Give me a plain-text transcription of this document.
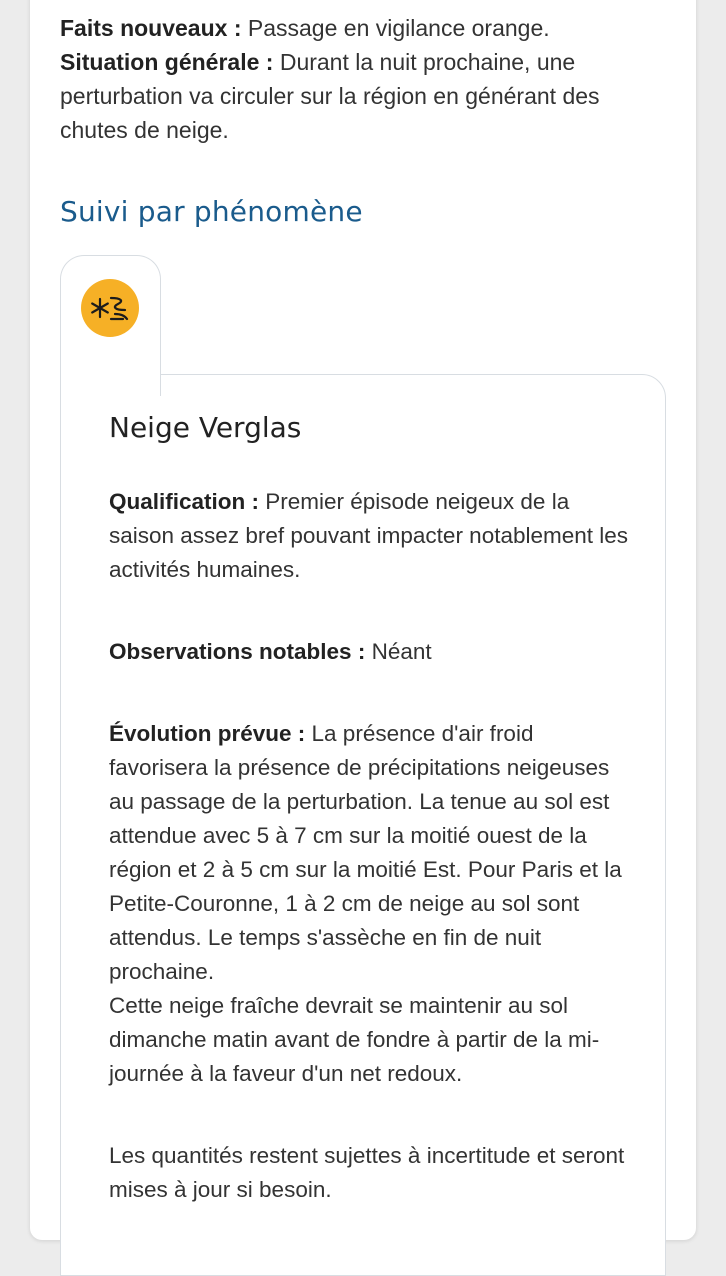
Faits nouveaux : Passage en vigilance orange.

Situation générale : Durant la nuit prochaine, une perturbation va circuler sur la région en générant des chutes de neige.

Suivi par phénomène
Neige Verglas

Qualification : Premier épisode neigeux de la saison assez bref pouvant impacter notablement les activités humaines.

Observations notables : Néant

Évolution prévue : La présence d'air froid favorisera la présence de précipitations neigeuses au passage de la perturbation. La tenue au sol est attendue avec 5 à 7 cm sur la moitié ouest de la région et 2 à 5 cm sur la moitié Est. Pour Paris et la Petite-Couronne, 1 à 2 cm de neige au sol sont attendus. Le temps s'assèche en fin de nuit prochaine.
Cette neige fraîche devrait se maintenir au sol dimanche matin avant de fondre à partir de la mi-journée à la faveur d'un net redoux.

Les quantités restent sujettes à incertitude et seront mises à jour si besoin.
